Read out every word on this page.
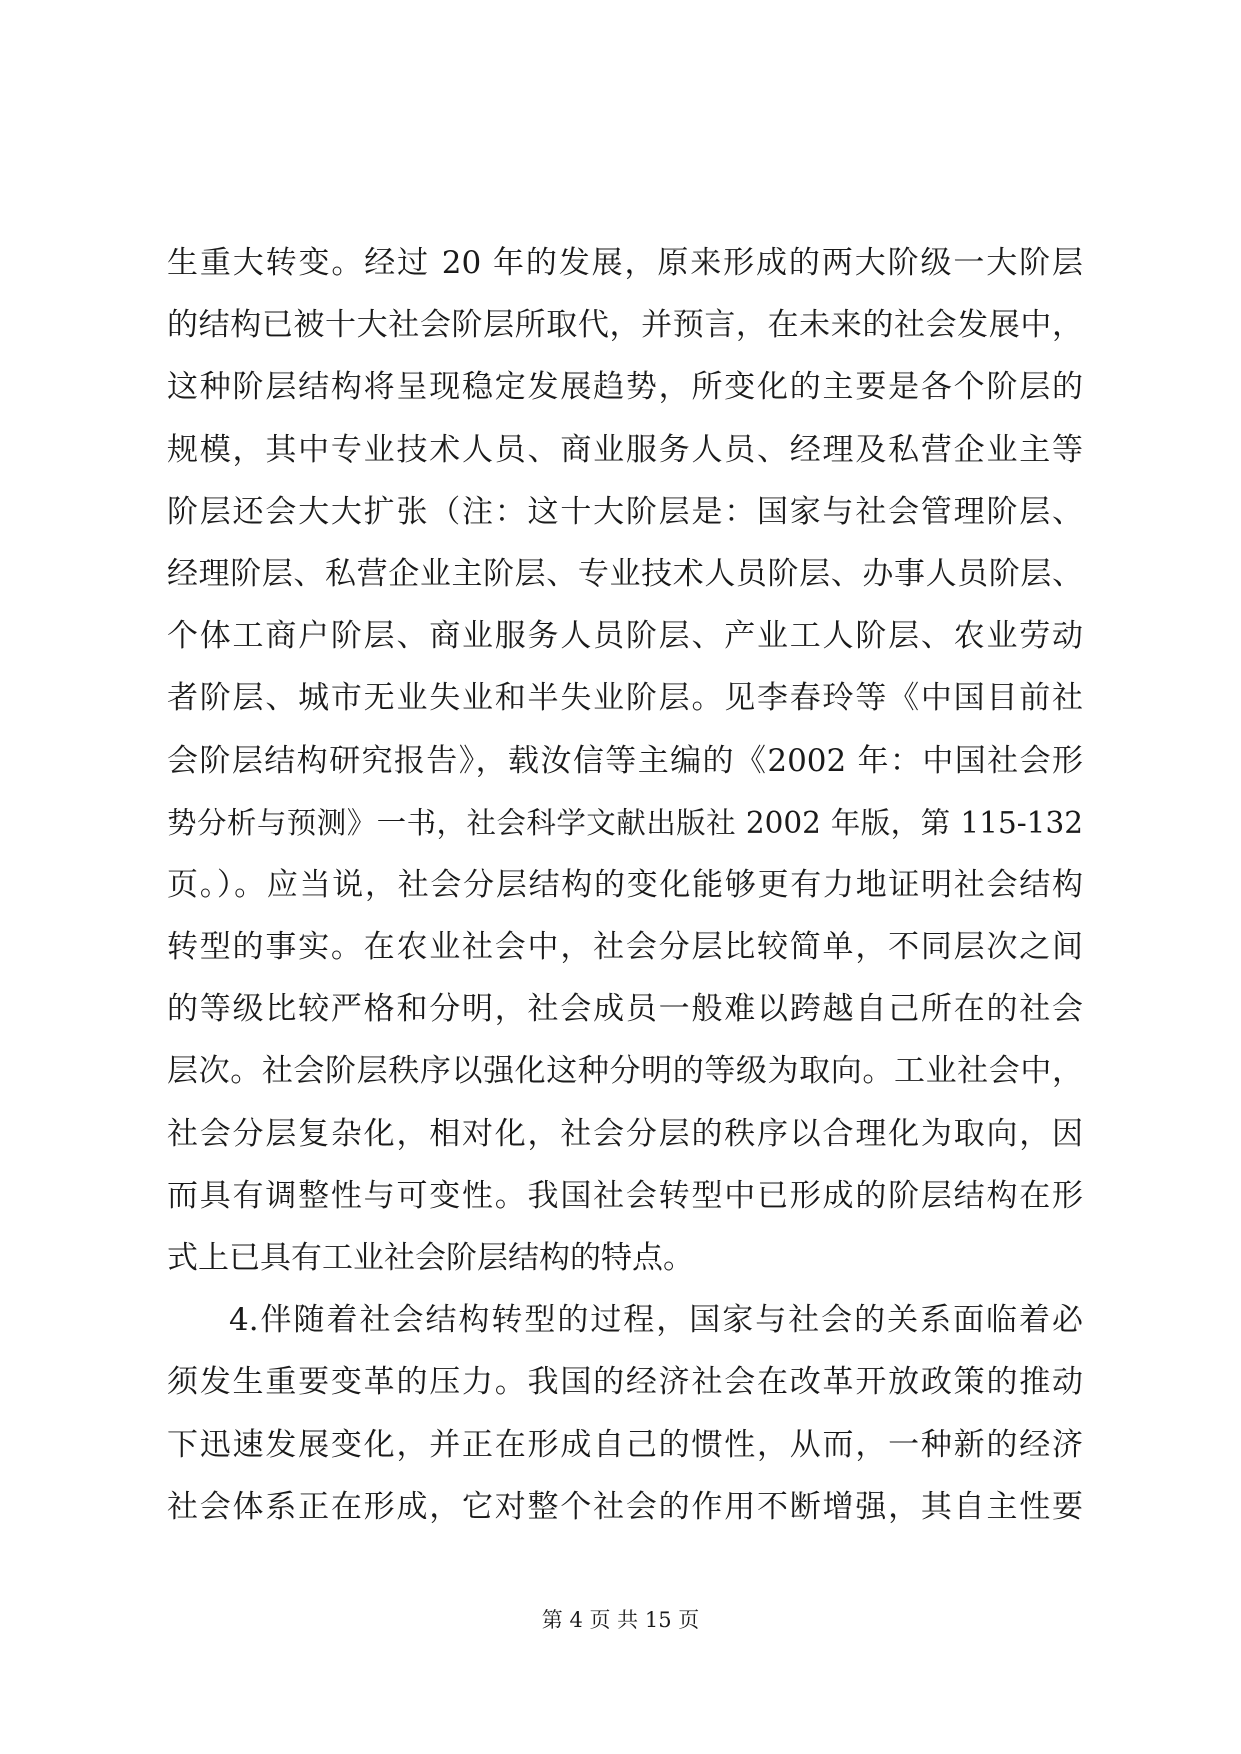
生重大转变。经过 20 年的发展，原来形成的两大阶级一大阶层
的结构已被十大社会阶层所取代，并预言，在未来的社会发展中，
这种阶层结构将呈现稳定发展趋势，所变化的主要是各个阶层的
规模，其中专业技术人员、商业服务人员、经理及私营企业主等
阶层还会大大扩张（注：这十大阶层是：国家与社会管理阶层、
经理阶层、私营企业主阶层、专业技术人员阶层、办事人员阶层、
个体工商户阶层、商业服务人员阶层、产业工人阶层、农业劳动
者阶层、城市无业失业和半失业阶层。见李春玲等《中国目前社
会阶层结构研究报告》，载汝信等主编的《2002 年：中国社会形
势分析与预测》一书，社会科学文献出版社 2002 年版，第 115-132
页。）。应当说，社会分层结构的变化能够更有力地证明社会结构
转型的事实。在农业社会中，社会分层比较简单，不同层次之间
的等级比较严格和分明，社会成员一般难以跨越自己所在的社会
层次。社会阶层秩序以强化这种分明的等级为取向。工业社会中，
社会分层复杂化，相对化，社会分层的秩序以合理化为取向，因
而具有调整性与可变性。我国社会转型中已形成的阶层结构在形
式上已具有工业社会阶层结构的特点。
4.伴随着社会结构转型的过程，国家与社会的关系面临着必
须发生重要变革的压力。我国的经济社会在改革开放政策的推动
下迅速发展变化，并正在形成自己的惯性，从而，一种新的经济
社会体系正在形成，它对整个社会的作用不断增强，其自主性要
第 4 页 共 15 页
